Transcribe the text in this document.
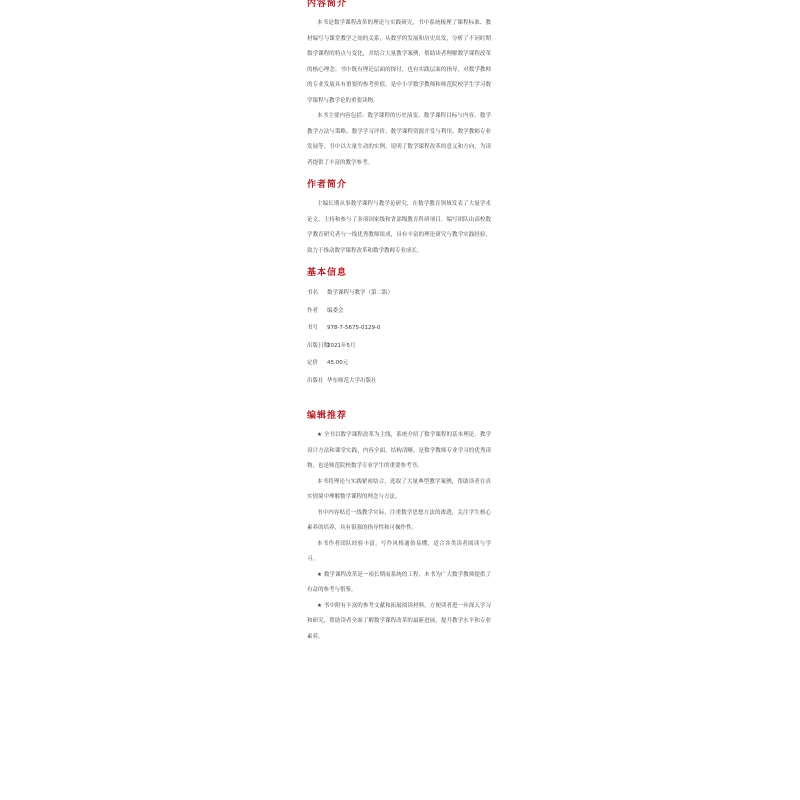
内容简介

本书是数学课程改革的理论与实践研究，书中系统梳理了课程标准、教材编写与课堂教学之间的关系，从数学的发展和历史出发，分析了不同时期数学课程的特点与变化，并结合大量教学案例，帮助读者理解数学课程改革的核心理念。书中既有理论层面的探讨，也有实践层面的指导，对数学教师的专业发展具有重要的参考价值，是中小学数学教师和师范院校学生学习数学课程与教学论的重要读物。

本书主要内容包括：数学课程的历史演变、数学课程目标与内容、数学教学方法与策略、数学学习评价、数学课程资源开发与利用、数学教师专业发展等。书中以大量生动的实例，说明了数学课程改革的意义和方向，为读者提供了丰富的教学参考。

作者简介

主编长期从事数学课程与教学论研究，在数学教育领域发表了大量学术论文，主持和参与了多项国家级和省部级教育科研项目。编写团队由高校数学教育研究者与一线优秀教师组成，具有丰富的理论研究与教学实践经验，致力于推动数学课程改革和数学教师专业成长。

基本信息
书名 数学课程与教学（第二版）
作者 编委会
书号 978-7-5675-0129-0
出版日期2021年5月
定价 45.00元
出版社 华东师范大学出版社
编辑推荐

★ 全书以数学课程改革为主线，系统介绍了数学课程的基本理论、教学设计方法和课堂实践，内容全面，结构清晰，是数学教师专业学习的优秀读物，也是师范院校数学专业学生的重要参考书。

本书将理论与实践紧密结合，选取了大量典型教学案例，帮助读者在真实情境中理解数学课程的理念与方法。

书中内容贴近一线教学实际，注重数学思想方法的渗透，关注学生核心素养的培养，具有很强的指导性和可操作性。

本书作者团队经验丰富，写作风格通俗易懂，适合各类读者阅读与学习。

★ 数学课程改革是一项长期而系统的工程，本书为广大数学教师提供了有益的参考与借鉴。

★ 书中附有丰富的参考文献和拓展阅读材料，方便读者进一步深入学习和研究，帮助读者全面了解数学课程改革的最新进展，提升教学水平和专业素养。
